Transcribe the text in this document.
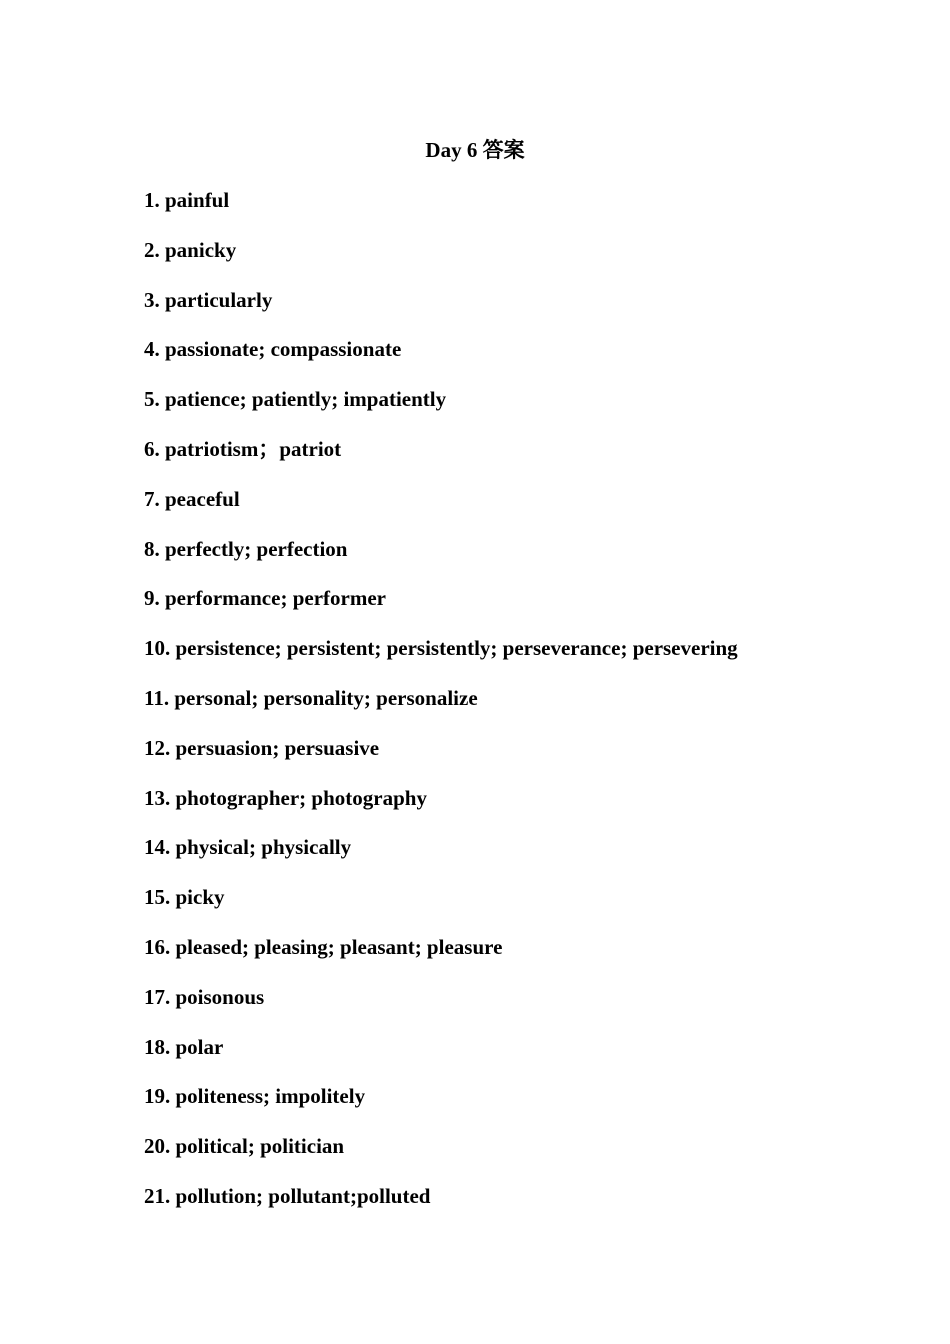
Day 6 答案
1. painful
2. panicky
3. particularly
4. passionate; compassionate
5. patience; patiently; impatiently
6. patriotism；patriot
7. peaceful
8. perfectly; perfection
9. performance; performer
10. persistence; persistent; persistently; perseverance; persevering
11. personal; personality; personalize
12. persuasion; persuasive
13. photographer; photography
14. physical; physically
15. picky
16. pleased; pleasing; pleasant; pleasure
17. poisonous
18. polar
19. politeness; impolitely
20. political; politician
21. pollution; pollutant;polluted
